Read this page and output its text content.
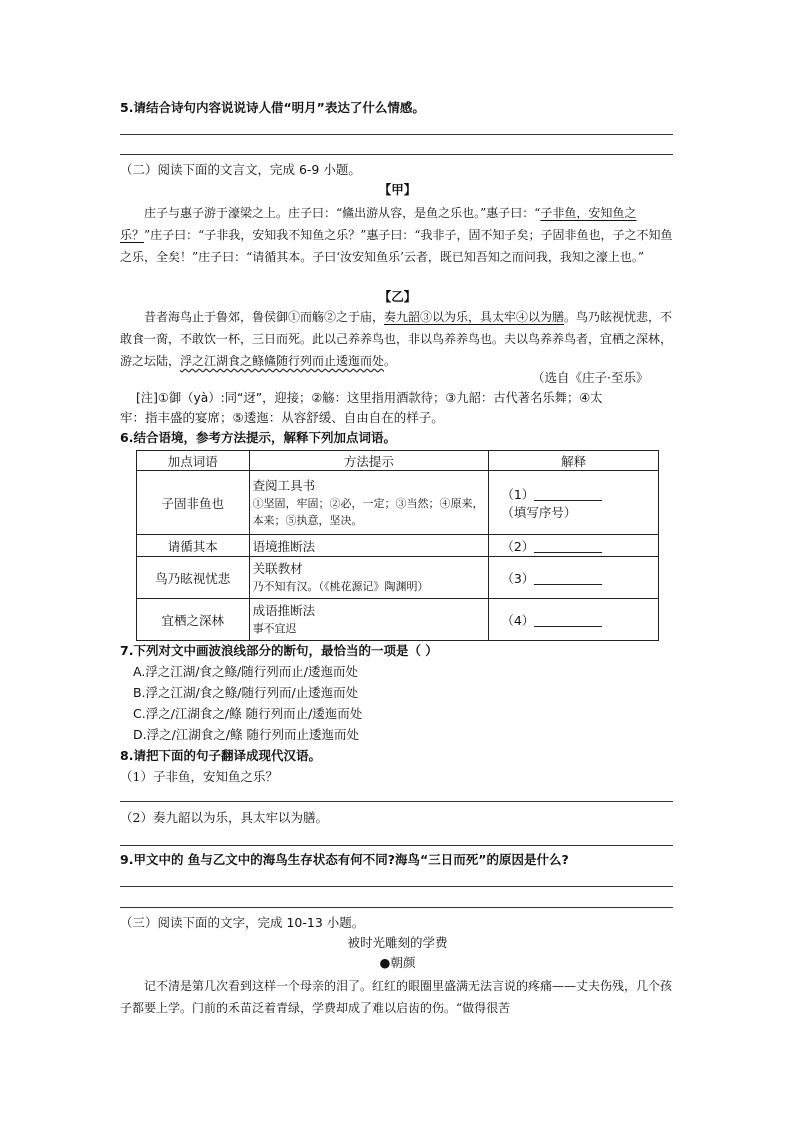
5.请结合诗句内容说说诗人借“明月”表达了什么情感。
（二）阅读下面的文言文，完成 6-9 小题。
【甲】
庄子与惠子游于濠梁之上。庄子曰：“鯈出游从容，是鱼之乐也。”惠子曰：“子非鱼，安知鱼之乐？”庄子曰：“子非我，安知我不知鱼之乐？”惠子曰：“我非子，固不知子矣；子固非鱼也，子之不知鱼之乐，全矣！”庄子曰：“请循其本。子曰‘汝安知鱼乐’云者，既已知吾知之而问我，我知之濠上也。”
【乙】
昔者海鸟止于鲁郊，鲁侯御①而觞②之于庙，奏九韶③以为乐，具太牢④以为膳。鸟乃眩视忧悲，不敢食一脔，不敢饮一杯，三日而死。此以己养养鸟也，非以鸟养养鸟也。夫以鸟养养鸟者，宜栖之深林，游之坛陆，浮之江湖食之鲦鯈随行列而止逶迤而处。
（选自《庄子·至乐》
[注]①御（yà）:同“迓”，迎接；②觞：这里指用酒款待；③九韶：古代著名乐舞；④太
牢：指丰盛的宴席；⑤逶迤：从容舒缓、自由自在的样子。
6.结合语境，参考方法提示，解释下列加点词语。
加点词语	方法提示	解释
子固非鱼也	查阅工具书
①坚固，牢固；②必，一定；③当然；④原来，本来；⑤执意，坚决。	（1）
（填写序号）
请循其本	语境推断法	（2）
鸟乃眩视忧悲	关联教材
乃不知有汉。（《桃花源记》陶渊明）	（3）
宜栖之深林	成语推断法
事不宜迟	（4）
7.下列对文中画波浪线部分的断句，最恰当的一项是（ ）
A.浮之江湖/食之鲦/随行列而止/逶迤而处
B.浮之江湖/食之鲦/随行列而/止逶迤而处
C.浮之/江湖食之/鲦 随行列而止/逶迤而处
D.浮之/江湖食之/鲦 随行列而止逶迤而处
8.请把下面的句子翻译成现代汉语。
（1）子非鱼，安知鱼之乐？
（2）奏九韶以为乐，具太牢以为膳。
9.甲文中的 鱼与乙文中的海鸟生存状态有何不同?海鸟“三日而死”的原因是什么?
（三）阅读下面的文字，完成 10-13 小题。
被时光雕刻的学费
●朝颜
记不清是第几次看到这样一个母亲的泪了。红红的眼圈里盛满无法言说的疼痛——丈夫伤残，几个孩子都要上学。门前的禾苗泛着青绿，学费却成了难以启齿的伤。“做得很苦
